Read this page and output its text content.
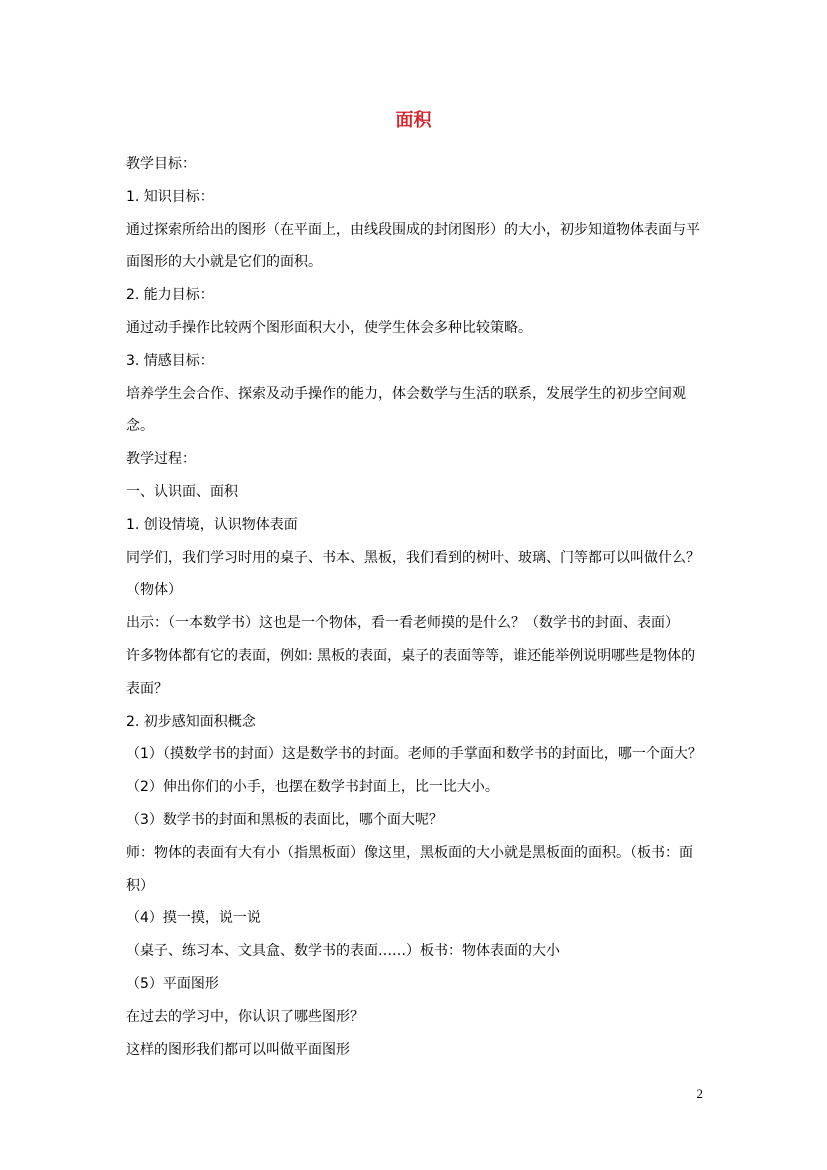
面积

教学目标：

1. 知识目标：

通过探索所给出的图形（在平面上，由线段围成的封闭图形）的大小，初步知道物体表面与平面图形的大小就是它们的面积。

2. 能力目标：

通过动手操作比较两个图形面积大小，使学生体会多种比较策略。

3. 情感目标：

培养学生会合作、探索及动手操作的能力，体会数学与生活的联系，发展学生的初步空间观念。

教学过程：

一、认识面、面积

1. 创设情境，认识物体表面

同学们，我们学习时用的桌子、书本、黑板，我们看到的树叶、玻璃、门等都可以叫做什么？（物体）

出示：（一本数学书）这也是一个物体，看一看老师摸的是什么？（数学书的封面、表面）

许多物体都有它的表面，例如: 黑板的表面，桌子的表面等等，谁还能举例说明哪些是物体的表面？

2. 初步感知面积概念

（1）（摸数学书的封面）这是数学书的封面。老师的手掌面和数学书的封面比，哪一个面大？

（2）伸出你们的小手，也摆在数学书封面上，比一比大小。

（3）数学书的封面和黑板的表面比，哪个面大呢？

师：物体的表面有大有小（指黑板面）像这里，黑板面的大小就是黑板面的面积。（板书：面积）

（4）摸一摸，说一说

（桌子、练习本、文具盒、数学书的表面……）板书：物体表面的大小

（5）平面图形

在过去的学习中，你认识了哪些图形？

这样的图形我们都可以叫做平面图形

2
